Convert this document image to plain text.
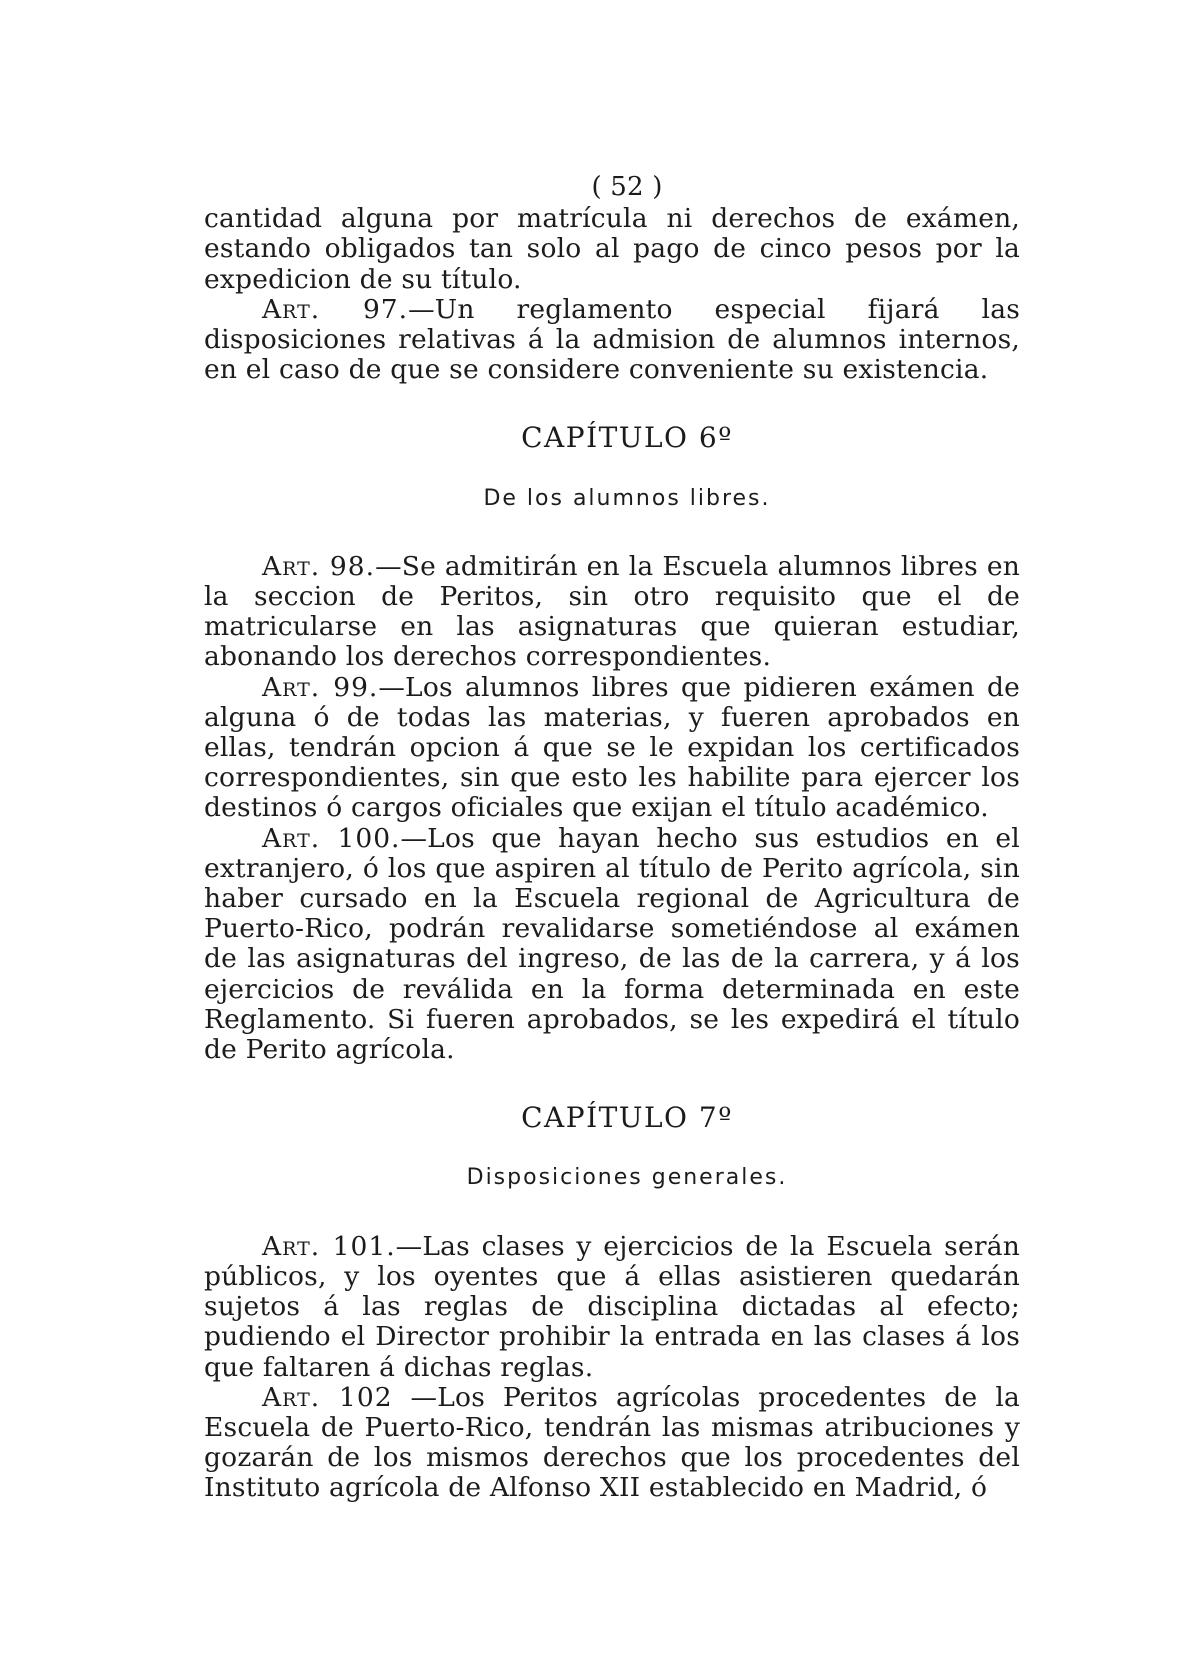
( 52 )

cantidad alguna por matrícula ni derechos de exámen, estando obligados tan solo al pago de cinco pesos por la expedicion de su título.

Art. 97.—Un reglamento especial fijará las disposiciones relativas á la admision de alumnos internos, en el caso de que se considere conveniente su existencia.

CAPÍTULO 6º
De los alumnos libres.

Art. 98.—Se admitirán en la Escuela alumnos libres en la seccion de Peritos, sin otro requisito que el de matricularse en las asignaturas que quieran estudiar, abonando los derechos correspondientes.

Art. 99.—Los alumnos libres que pidieren exámen de alguna ó de todas las materias, y fueren aprobados en ellas, tendrán opcion á que se le expidan los certificados correspondientes, sin que esto les habilite para ejercer los destinos ó cargos oficiales que exijan el título académico.

Art. 100.—Los que hayan hecho sus estudios en el extranjero, ó los que aspiren al título de Perito agrícola, sin haber cursado en la Escuela regional de Agricultura de Puerto-Rico, podrán revalidarse sometiéndose al exámen de las asignaturas del ingreso, de las de la carrera, y á los ejercicios de reválida en la forma determinada en este Reglamento. Si fueren aprobados, se les expedirá el título de Perito agrícola.

CAPÍTULO 7º
Disposiciones generales.

Art. 101.—Las clases y ejercicios de la Escuela serán públicos, y los oyentes que á ellas asistieren quedarán sujetos á las reglas de disciplina dictadas al efecto; pudiendo el Director prohibir la entrada en las clases á los que faltaren á dichas reglas.

Art. 102 —Los Peritos agrícolas procedentes de la Escuela de Puerto-Rico, tendrán las mismas atribuciones y gozarán de los mismos derechos que los procedentes del Instituto agrícola de Alfonso XII establecido en Madrid, ó
